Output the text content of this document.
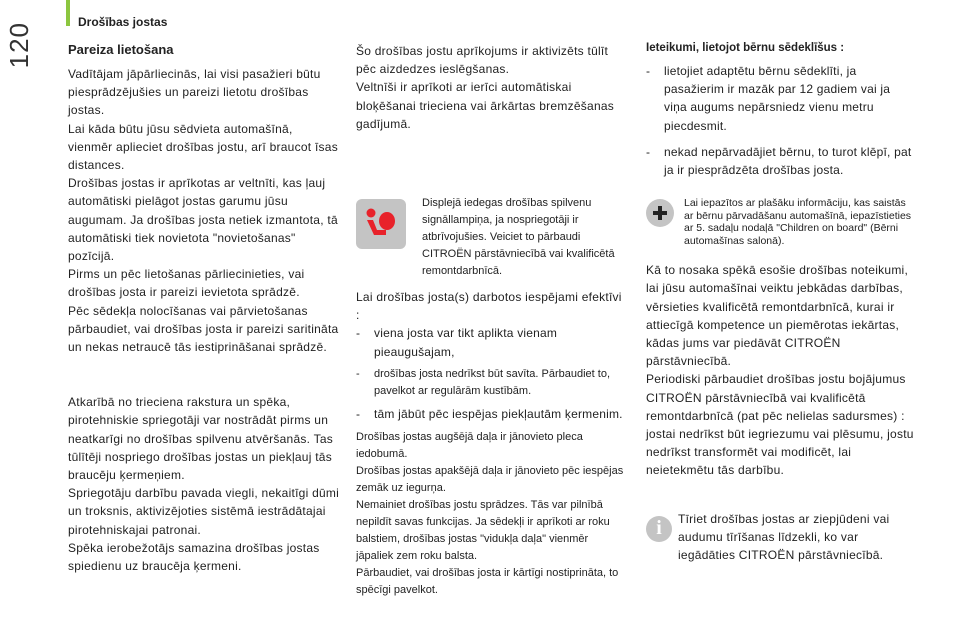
120	Drošības jostas
Pareiza lietošana

Vadītājam jāpārliecinās, lai visi pasažieri būtu piesprādzējušies un pareizi lietotu drošības jostas.

Lai kāda būtu jūsu sēdvieta automašīnā, vienmēr aplieciet drošības jostu, arī braucot īsas distances.

Drošības jostas ir aprīkotas ar veltnīti, kas ļauj automātiski pielāgot jostas garumu jūsu augumam. Ja drošības josta netiek izmantota, tā automātiski tiek novietota "novietošanas" pozīcijā.

Pirms un pēc lietošanas pārliecinieties, vai drošības josta ir pareizi ievietota sprādzē.

Pēc sēdekļa nolocīšanas vai pārvietošanas pārbaudiet, vai drošības josta ir pareizi saritināta un nekas netraucē tās iestiprināšanai sprādzē.

Atkarībā no trieciena rakstura un spēka, pirotehniskie spriegotāji var nostrādāt pirms un neatkarīgi no drošības spilvenu atvēršanās. Tas tūlītēji nospriego drošības jostas un piekļauj tās braucēju ķermeņiem.

Spriegotāju darbību pavada viegli, nekaitīgi dūmi un troksnis, aktivizējoties sistēmā iestrādātajai pirotehniskajai patronai.

Spēka ierobežotājs samazina drošības jostas spiedienu uz braucēja ķermeni.

Šo drošības jostu aprīkojums ir aktivizēts tūlīt pēc aizdedzes ieslēgšanas.

Veltnīši ir aprīkoti ar ierīci automātiskai bloķēšanai trieciena vai ārkārtas bremzēšanas gadījumā.

Displejā iedegas drošības spilvenu signāllampiņa, ja nospriegotāji ir atbrīvojušies. Veiciet to pārbaudi CITROËN pārstāvniecībā vai kvalificētā remontdarbnīcā.

Lai drošības josta(s) darbotos iespējami efektīvi :

-	viena josta var tikt aplikta vienam pieaugušajam,
-	drošības josta nedrīkst būt savīta. Pārbaudiet to, pavelkot ar regulārām kustībām.
-	tām jābūt pēc iespējas piekļautām ķermenim.

Drošības jostas augšējā daļa ir jānovieto pleca iedobumā.

Drošības jostas apakšējā daļa ir jānovieto pēc iespējas zemāk uz iegurņa.

Nemainiet drošības jostu sprādzes. Tās var pilnībā nepildīt savas funkcijas. Ja sēdekļi ir aprīkoti ar roku balstiem, drošības jostas "vidukļa daļa" vienmēr jāpaliek zem roku balsta.

Pārbaudiet, vai drošības josta ir kārtīgi nostiprināta, to spēcīgi pavelkot.

Ieteikumi, lietojot bērnu sēdeklīšus :
-	lietojiet adaptētu bērnu sēdeklīti, ja pasažierim ir mazāk par 12 gadiem vai ja viņa augums nepārsniedz vienu metru piecdesmit.
-	nekad nepārvadājiet bērnu, to turot klēpī, pat ja ir piesprādzēta drošības josta.

Lai iepazītos ar plašāku informāciju, kas saistās ar bērnu pārvadāšanu automašīnā, iepazīstieties ar 5. sadaļu nodaļā "Children on board" (Bērni automašīnas salonā).

Kā to nosaka spēkā esošie drošības noteikumi, lai jūsu automašīnai veiktu jebkādas darbības, vērsieties kvalificētā remontdarbnīcā, kurai ir attiecīgā kompetence un piemērotas iekārtas, kādas jums var piedāvāt CITROËN pārstāvniecībā.

Periodiski pārbaudiet drošības jostu bojājumus CITROËN pārstāvniecībā vai kvalificētā remontdarbnīcā (pat pēc nelielas sadursmes) : jostai nedrīkst būt iegriezumu vai plēsumu, jostu nedrīkst transformēt vai modificēt, lai neietekmētu tās darbību.

i Tīriet drošības jostas ar ziepjūdeni vai audumu tīrīšanas līdzekli, ko var iegādāties CITROËN pārstāvniecībā.
